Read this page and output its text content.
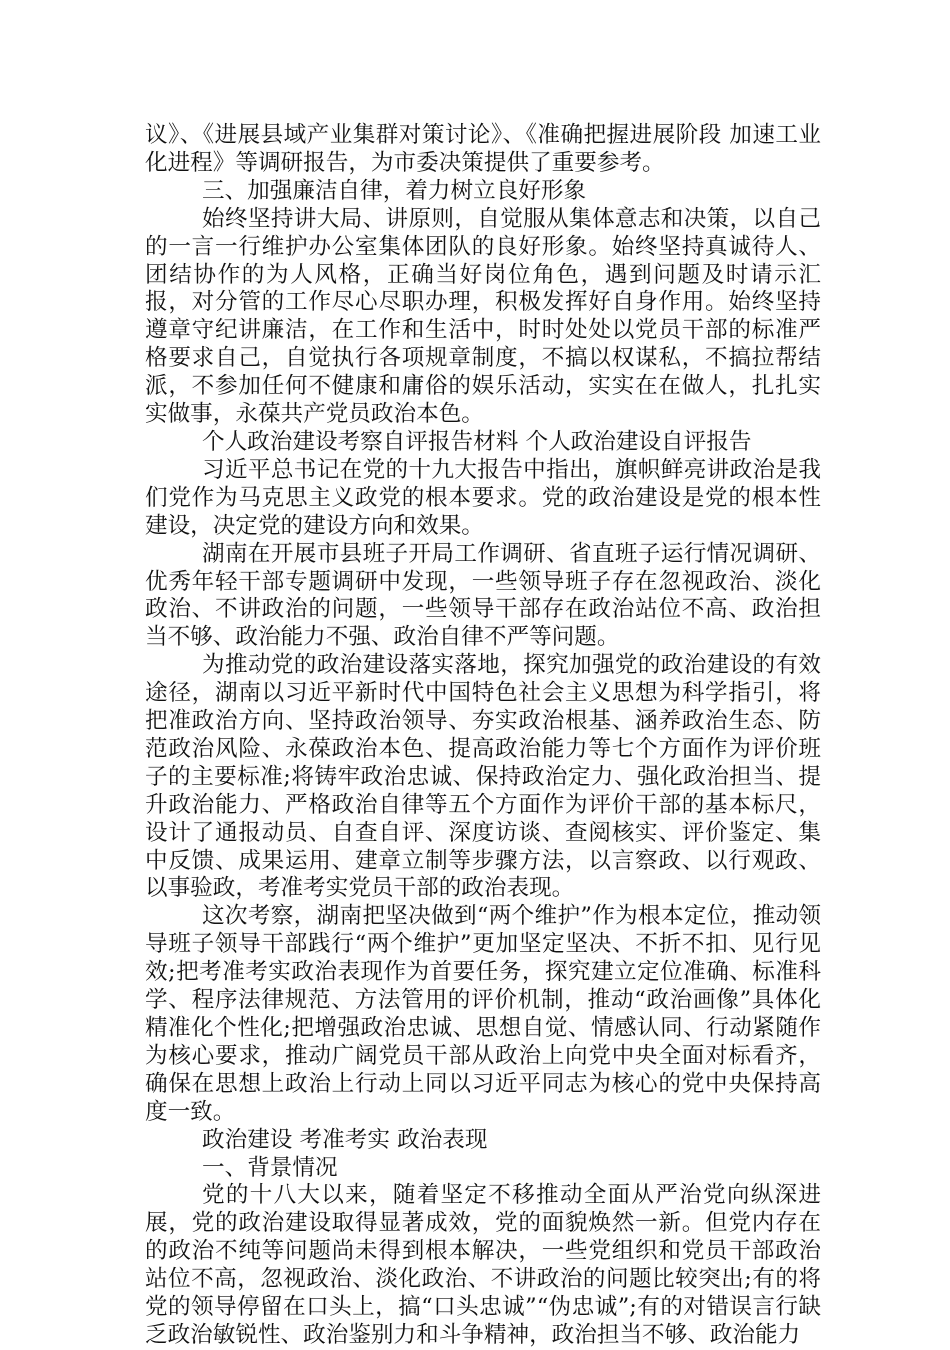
议》、《进展县域产业集群对策讨论》、《准确把握进展阶段 加速工业化进程》等调研报告，为市委决策提供了重要参考。

三、加强廉洁自律，着力树立良好形象

始终坚持讲大局、讲原则，自觉服从集体意志和决策，以自己的一言一行维护办公室集体团队的良好形象。始终坚持真诚待人、团结协作的为人风格，正确当好岗位角色，遇到问题及时请示汇报，对分管的工作尽心尽职办理，积极发挥好自身作用。始终坚持遵章守纪讲廉洁，在工作和生活中，时时处处以党员干部的标准严格要求自己，自觉执行各项规章制度，不搞以权谋私，不搞拉帮结派，不参加任何不健康和庸俗的娱乐活动，实实在在做人，扎扎实实做事，永葆共产党员政治本色。

个人政治建设考察自评报告材料 个人政治建设自评报告

习近平总书记在党的十九大报告中指出，旗帜鲜亮讲政治是我们党作为马克思主义政党的根本要求。党的政治建设是党的根本性建设，决定党的建设方向和效果。

湖南在开展市县班子开局工作调研、省直班子运行情况调研、优秀年轻干部专题调研中发现，一些领导班子存在忽视政治、淡化政治、不讲政治的问题，一些领导干部存在政治站位不高、政治担当不够、政治能力不强、政治自律不严等问题。

为推动党的政治建设落实落地，探究加强党的政治建设的有效途径，湖南以习近平新时代中国特色社会主义思想为科学指引，将把准政治方向、坚持政治领导、夯实政治根基、涵养政治生态、防范政治风险、永葆政治本色、提高政治能力等七个方面作为评价班子的主要标准;将铸牢政治忠诚、保持政治定力、强化政治担当、提升政治能力、严格政治自律等五个方面作为评价干部的基本标尺，设计了通报动员、自查自评、深度访谈、查阅核实、评价鉴定、集中反馈、成果运用、建章立制等步骤方法，以言察政、以行观政、以事验政，考准考实党员干部的政治表现。

这次考察，湖南把坚决做到“两个维护”作为根本定位，推动领导班子领导干部践行“两个维护”更加坚定坚决、不折不扣、见行见效;把考准考实政治表现作为首要任务，探究建立定位准确、标准科学、程序法律规范、方法管用的评价机制，推动“政治画像”具体化精准化个性化;把增强政治忠诚、思想自觉、情感认同、行动紧随作为核心要求，推动广阔党员干部从政治上向党中央全面对标看齐，确保在思想上政治上行动上同以习近平同志为核心的党中央保持高度一致。

政治建设 考准考实 政治表现

一、背景情况

党的十八大以来，随着坚定不移推动全面从严治党向纵深进展，党的政治建设取得显著成效，党的面貌焕然一新。但党内存在的政治不纯等问题尚未得到根本解决，一些党组织和党员干部政治站位不高，忽视政治、淡化政治、不讲政治的问题比较突出;有的将党的领导停留在口头上，搞“口头忠诚”“伪忠诚”;有的对错误言行缺乏政治敏锐性、政治鉴别力和斗争精神，政治担当不够、政治能力
